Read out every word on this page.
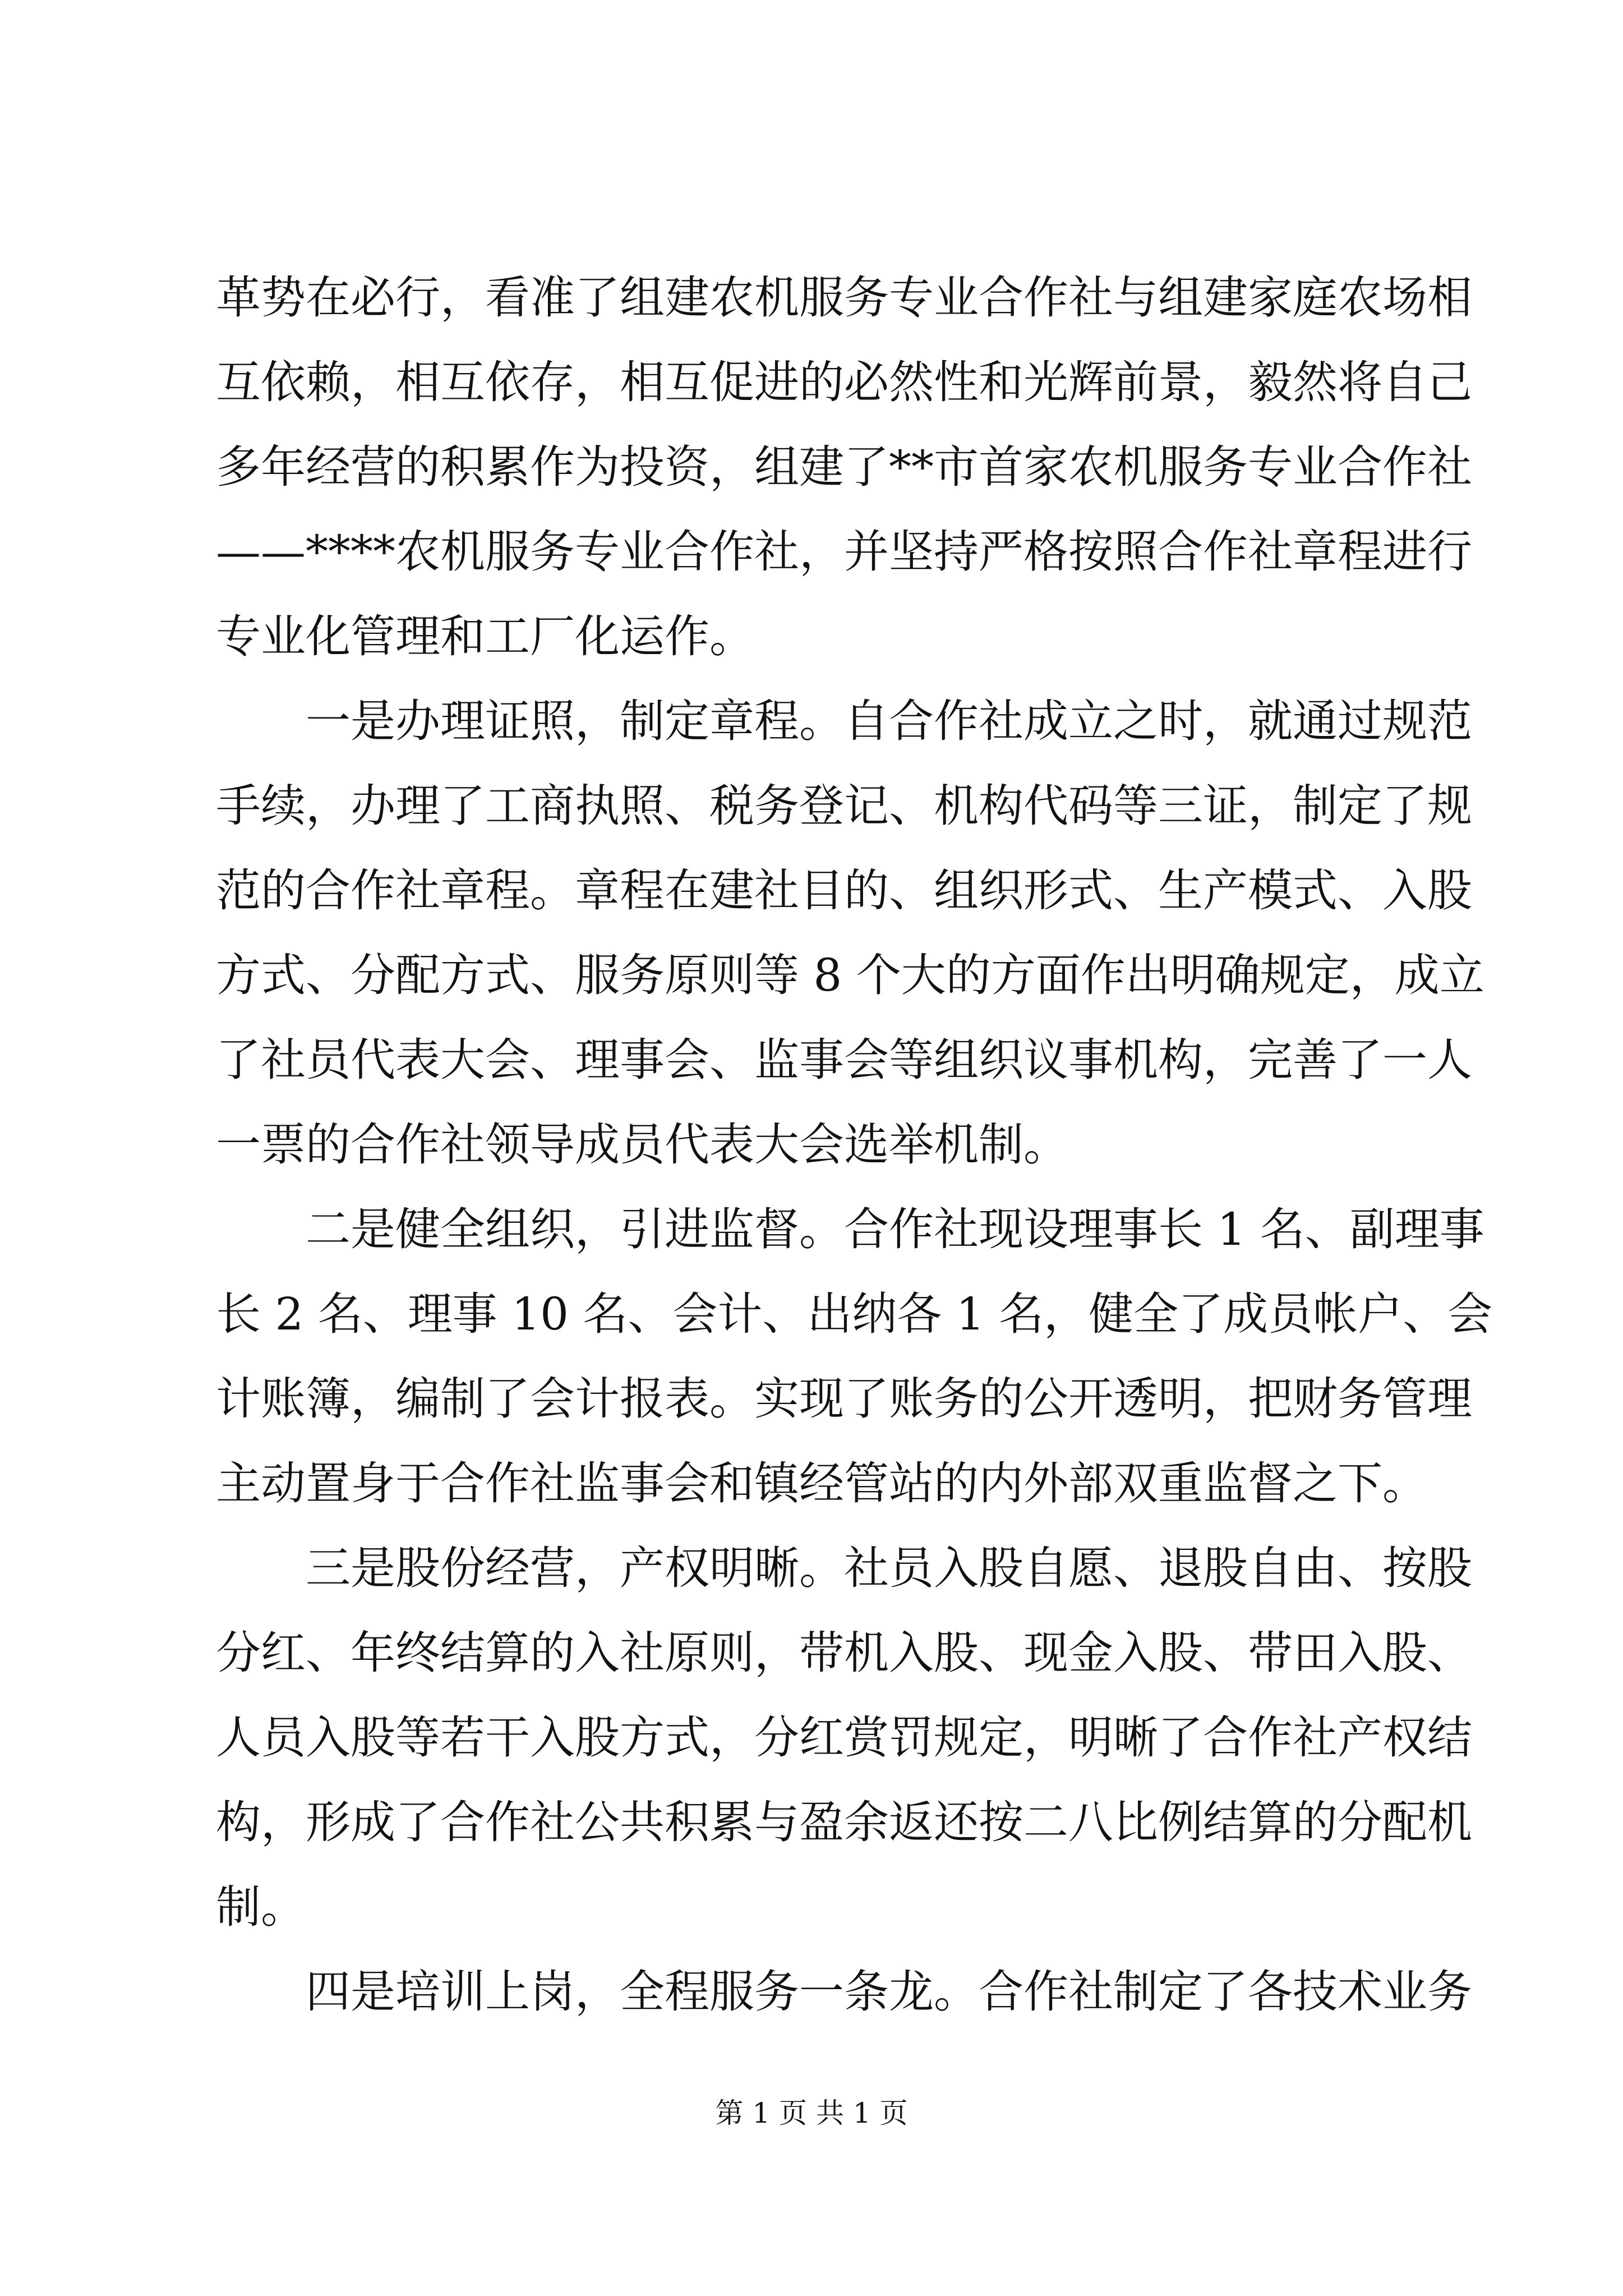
革势在必行，看准了组建农机服务专业合作社与组建家庭农场相
互依赖，相互依存，相互促进的必然性和光辉前景，毅然将自己
多年经营的积累作为投资，组建了**市首家农机服务专业合作社
——****农机服务专业合作社，并坚持严格按照合作社章程进行
专业化管理和工厂化运作。
一是办理证照，制定章程。自合作社成立之时，就通过规范
手续，办理了工商执照、税务登记、机构代码等三证，制定了规
范的合作社章程。章程在建社目的、组织形式、生产模式、入股
方式、分配方式、服务原则等 8 个大的方面作出明确规定，成立
了社员代表大会、理事会、监事会等组织议事机构，完善了一人
一票的合作社领导成员代表大会选举机制。
二是健全组织，引进监督。合作社现设理事长 1 名、副理事
长 2 名、理事 10 名、会计、出纳各 1 名，健全了成员帐户、会
计账簿，编制了会计报表。实现了账务的公开透明，把财务管理
主动置身于合作社监事会和镇经管站的内外部双重监督之下。
三是股份经营，产权明晰。社员入股自愿、退股自由、按股
分红、年终结算的入社原则，带机入股、现金入股、带田入股、
人员入股等若干入股方式，分红赏罚规定，明晰了合作社产权结
构，形成了合作社公共积累与盈余返还按二八比例结算的分配机
制。
四是培训上岗，全程服务一条龙。合作社制定了各技术业务
第 1 页 共 1 页
